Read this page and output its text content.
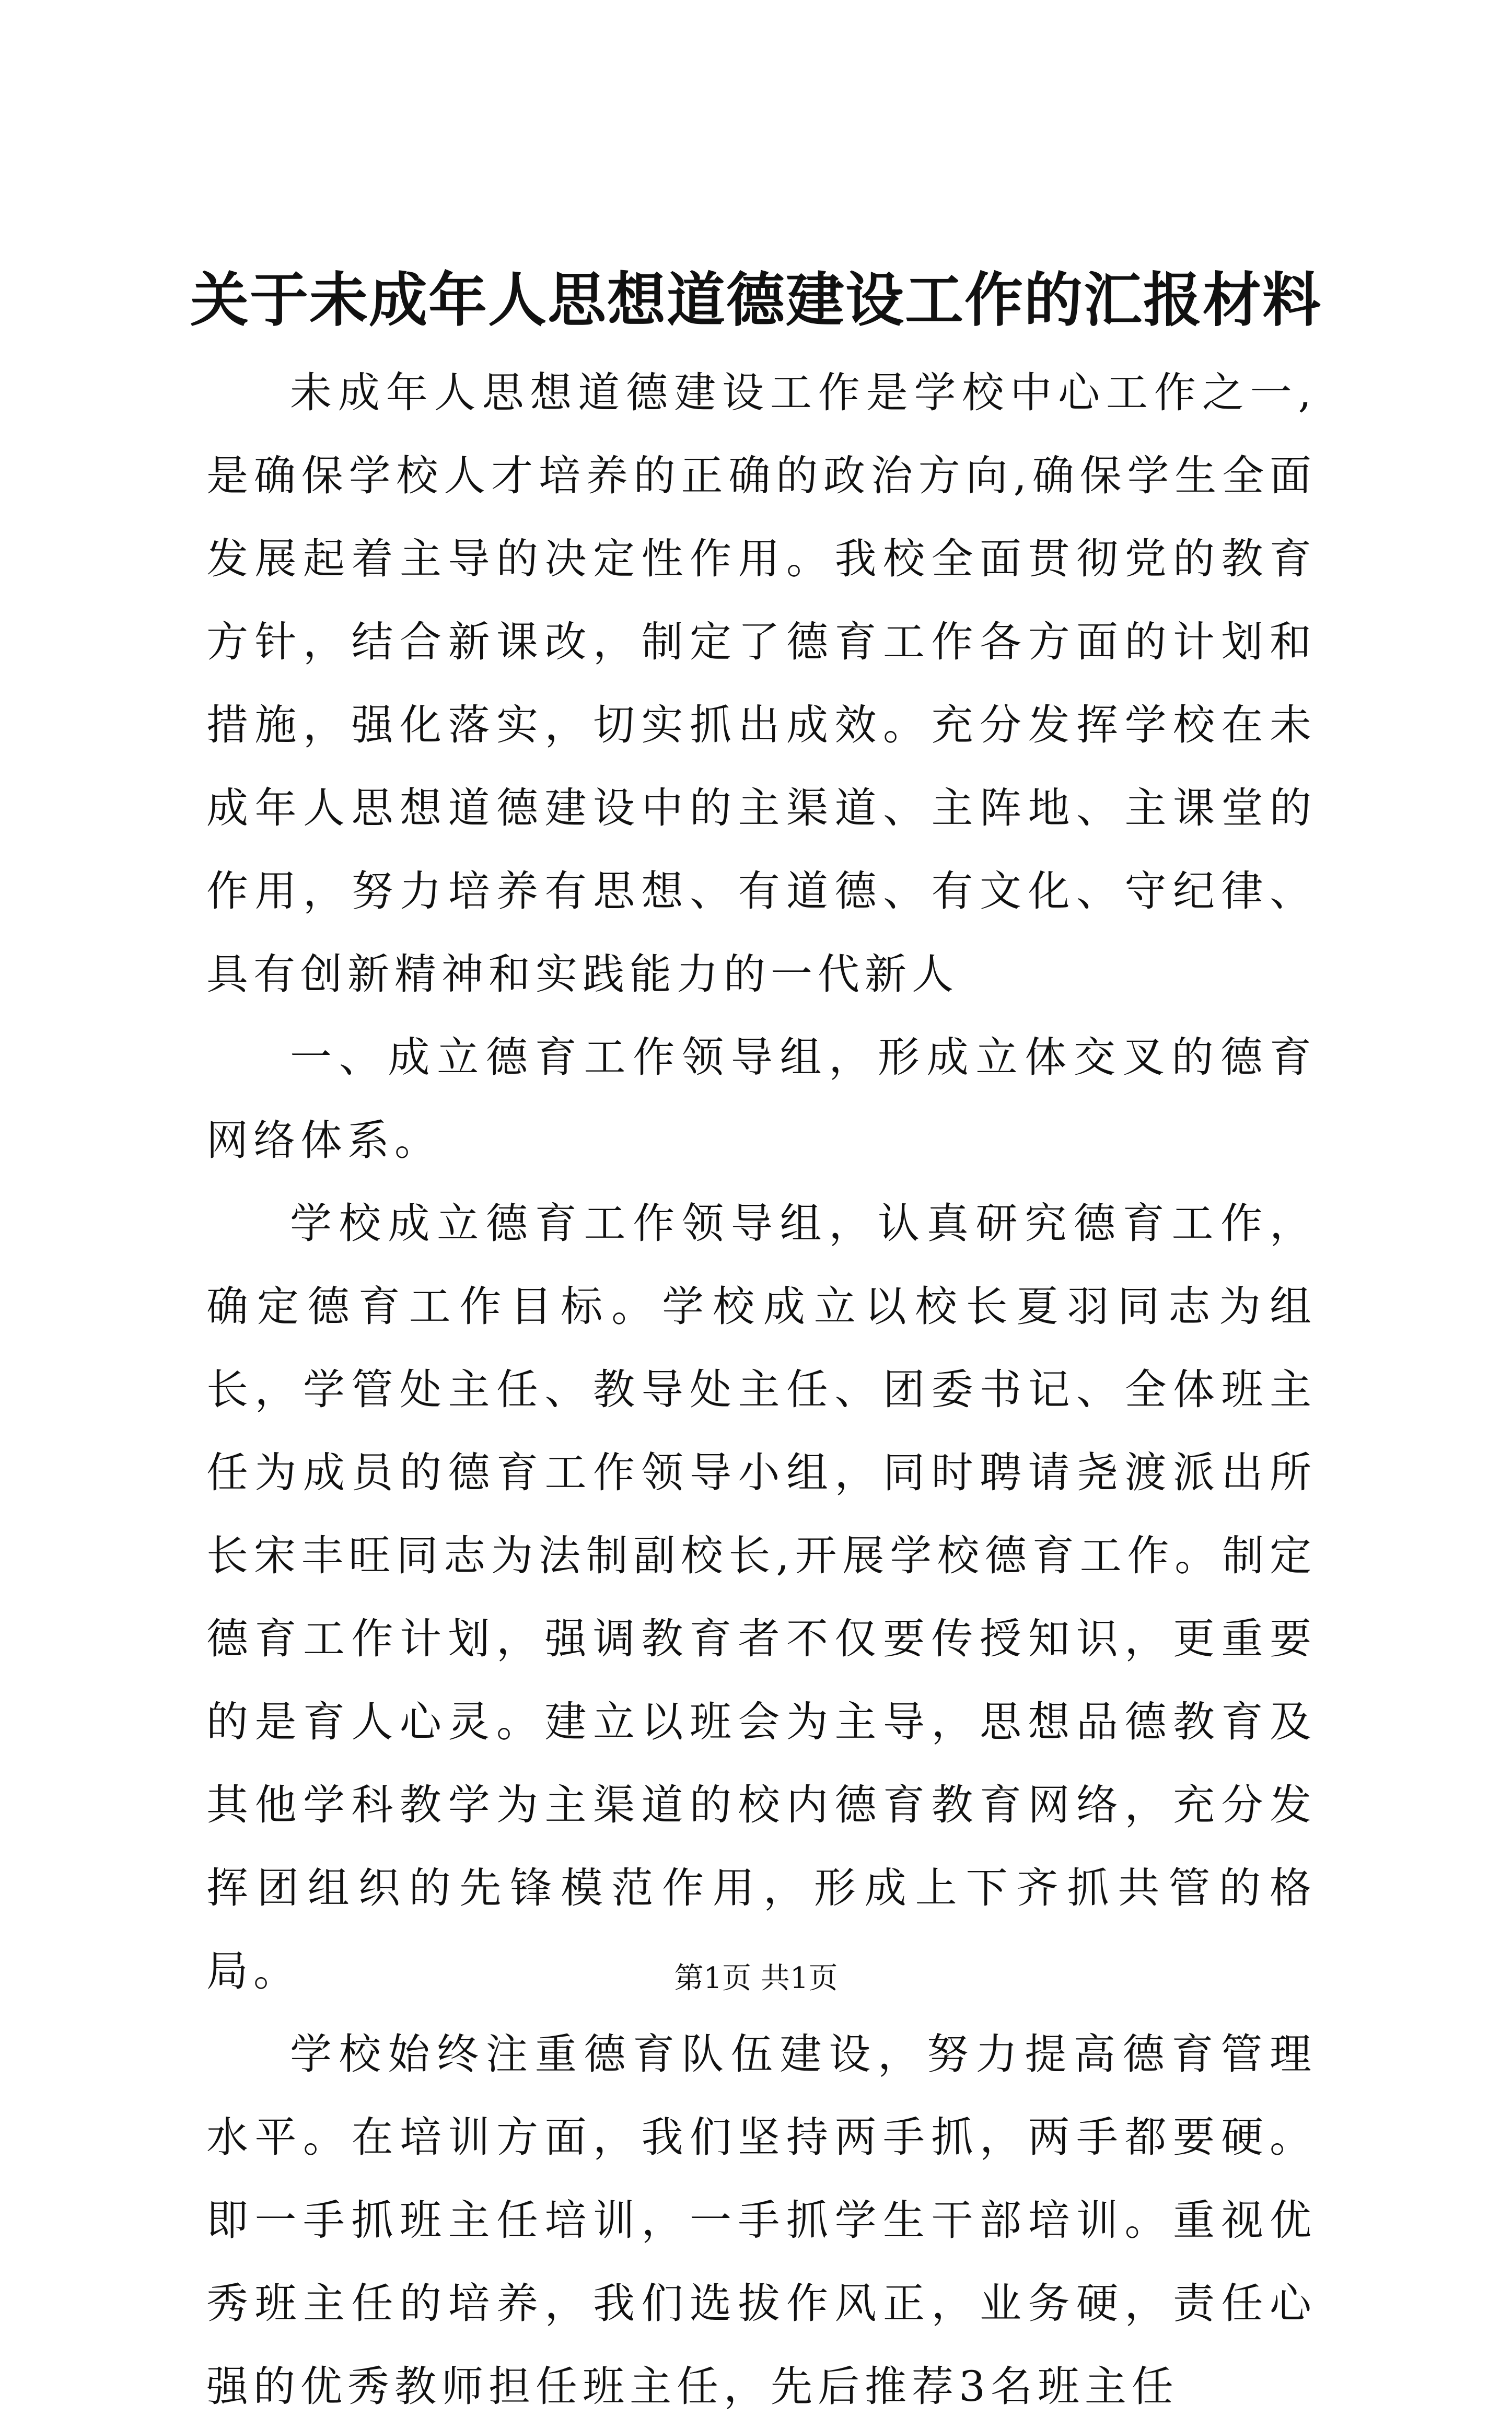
关于未成年人思想道德建设工作的汇报材料

未成年人思想道德建设工作是学校中心工作之一,是确保学校人才培养的正确的政治方向,确保学生全面发展起着主导的决定性作用。我校全面贯彻党的教育方针，结合新课改，制定了德育工作各方面的计划和措施，强化落实，切实抓出成效。充分发挥学校在未成年人思想道德建设中的主渠道、主阵地、主课堂的作用，努力培养有思想、有道德、有文化、守纪律、具有创新精神和实践能力的一代新人

一、成立德育工作领导组，形成立体交叉的德育网络体系。

学校成立德育工作领导组，认真研究德育工作，确定德育工作目标。学校成立以校长夏羽同志为组长，学管处主任、教导处主任、团委书记、全体班主任为成员的德育工作领导小组，同时聘请尧渡派出所长宋丰旺同志为法制副校长,开展学校德育工作。制定德育工作计划，强调教育者不仅要传授知识，更重要的是育人心灵。建立以班会为主导，思想品德教育及其他学科教学为主渠道的校内德育教育网络，充分发挥团组织的先锋模范作用，形成上下齐抓共管的格局。

学校始终注重德育队伍建设，努力提高德育管理水平。在培训方面，我们坚持两手抓，两手都要硬。即一手抓班主任培训，一手抓学生干部培训。重视优秀班主任的培养，我们选拔作风正，业务硬，责任心强的优秀教师担任班主任，先后推荐3名班主任

第1页 共1页
